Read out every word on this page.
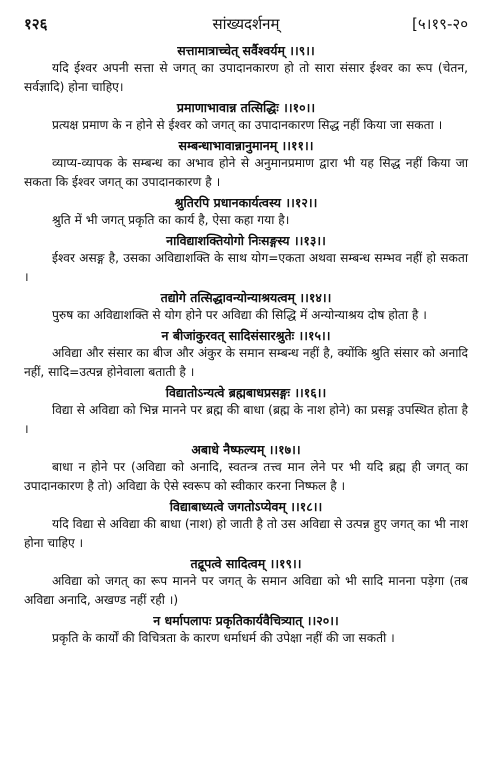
१२६	सांख्यदर्शनम्	[५।१९-२०
सत्तामात्राच्चेत् सर्वैश्वर्यम् ।।९।।
यदि ईश्वर अपनी सत्ता से जगत् का उपादानकारण हो तो सारा संसार ईश्वर का रूप (चेतन, सर्वज्ञादि) होना चाहिए।
प्रमाणाभावान्न तत्सिद्धिः ।।१०।।
प्रत्यक्ष प्रमाण के न होने से ईश्वर को जगत् का उपादानकारण सिद्ध नहीं किया जा सकता ।
सम्बन्धाभावान्नानुमानम् ।।११।।
व्याप्य-व्यापक के सम्बन्ध का अभाव होने से अनुमानप्रमाण द्वारा भी यह सिद्ध नहीं किया जा सकता कि ईश्वर जगत् का उपादानकारण है ।
श्रुतिरपि प्रधानकार्यत्वस्य ।।१२।।
श्रुति में भी जगत् प्रकृति का कार्य है, ऐसा कहा गया है।
नाविद्याशक्तियोगो निःसङ्गस्य ।।१३।।
ईश्वर असङ्ग है, उसका अविद्याशक्ति के साथ योग=एकता अथवा सम्बन्ध सम्भव नहीं हो सकता ।
तद्योगे तत्सिद्धावन्योन्याश्रयत्वम् ।।१४।।
पुरुष का अविद्याशक्ति से योग होने पर अविद्या की सिद्धि में अन्योन्याश्रय दोष होता है ।
न बीजांकुरवत् सादिसंसारश्रुतेः ।।१५।।
अविद्या और संसार का बीज और अंकुर के समान सम्बन्ध नहीं है, क्योंकि श्रुति संसार को अनादि नहीं, सादि=उत्पन्न होनेवाला बताती है ।
विद्यातोऽन्यत्वे ब्रह्मबाधप्रसङ्गः ।।१६।।
विद्या से अविद्या को भिन्न मानने पर ब्रह्म की बाधा (ब्रह्म के नाश होने) का प्रसङ्ग उपस्थित होता है ।
अबाधे नैष्फल्यम् ।।१७।।
बाधा न होने पर (अविद्या को अनादि, स्वतन्त्र तत्त्व मान लेने पर भी यदि ब्रह्म ही जगत् का उपादानकारण है तो) अविद्या के ऐसे स्वरूप को स्वीकार करना निष्फल है ।
विद्याबाध्यत्वे जगतोऽप्येवम् ।।१८।।
यदि विद्या से अविद्या की बाधा (नाश) हो जाती है तो उस अविद्या से उत्पन्न हुए जगत् का भी नाश होना चाहिए ।
तद्रूपत्वे सादित्वम् ।।१९।।
अविद्या को जगत् का रूप मानने पर जगत् के समान अविद्या को भी सादि मानना पड़ेगा (तब अविद्या अनादि, अखण्ड नहीं रही ।)
न धर्मापलापः प्रकृतिकार्यवैचित्र्यात् ।।२०।।
प्रकृति के कार्यों की विचित्रता के कारण धर्माधर्म की उपेक्षा नहीं की जा सकती ।
